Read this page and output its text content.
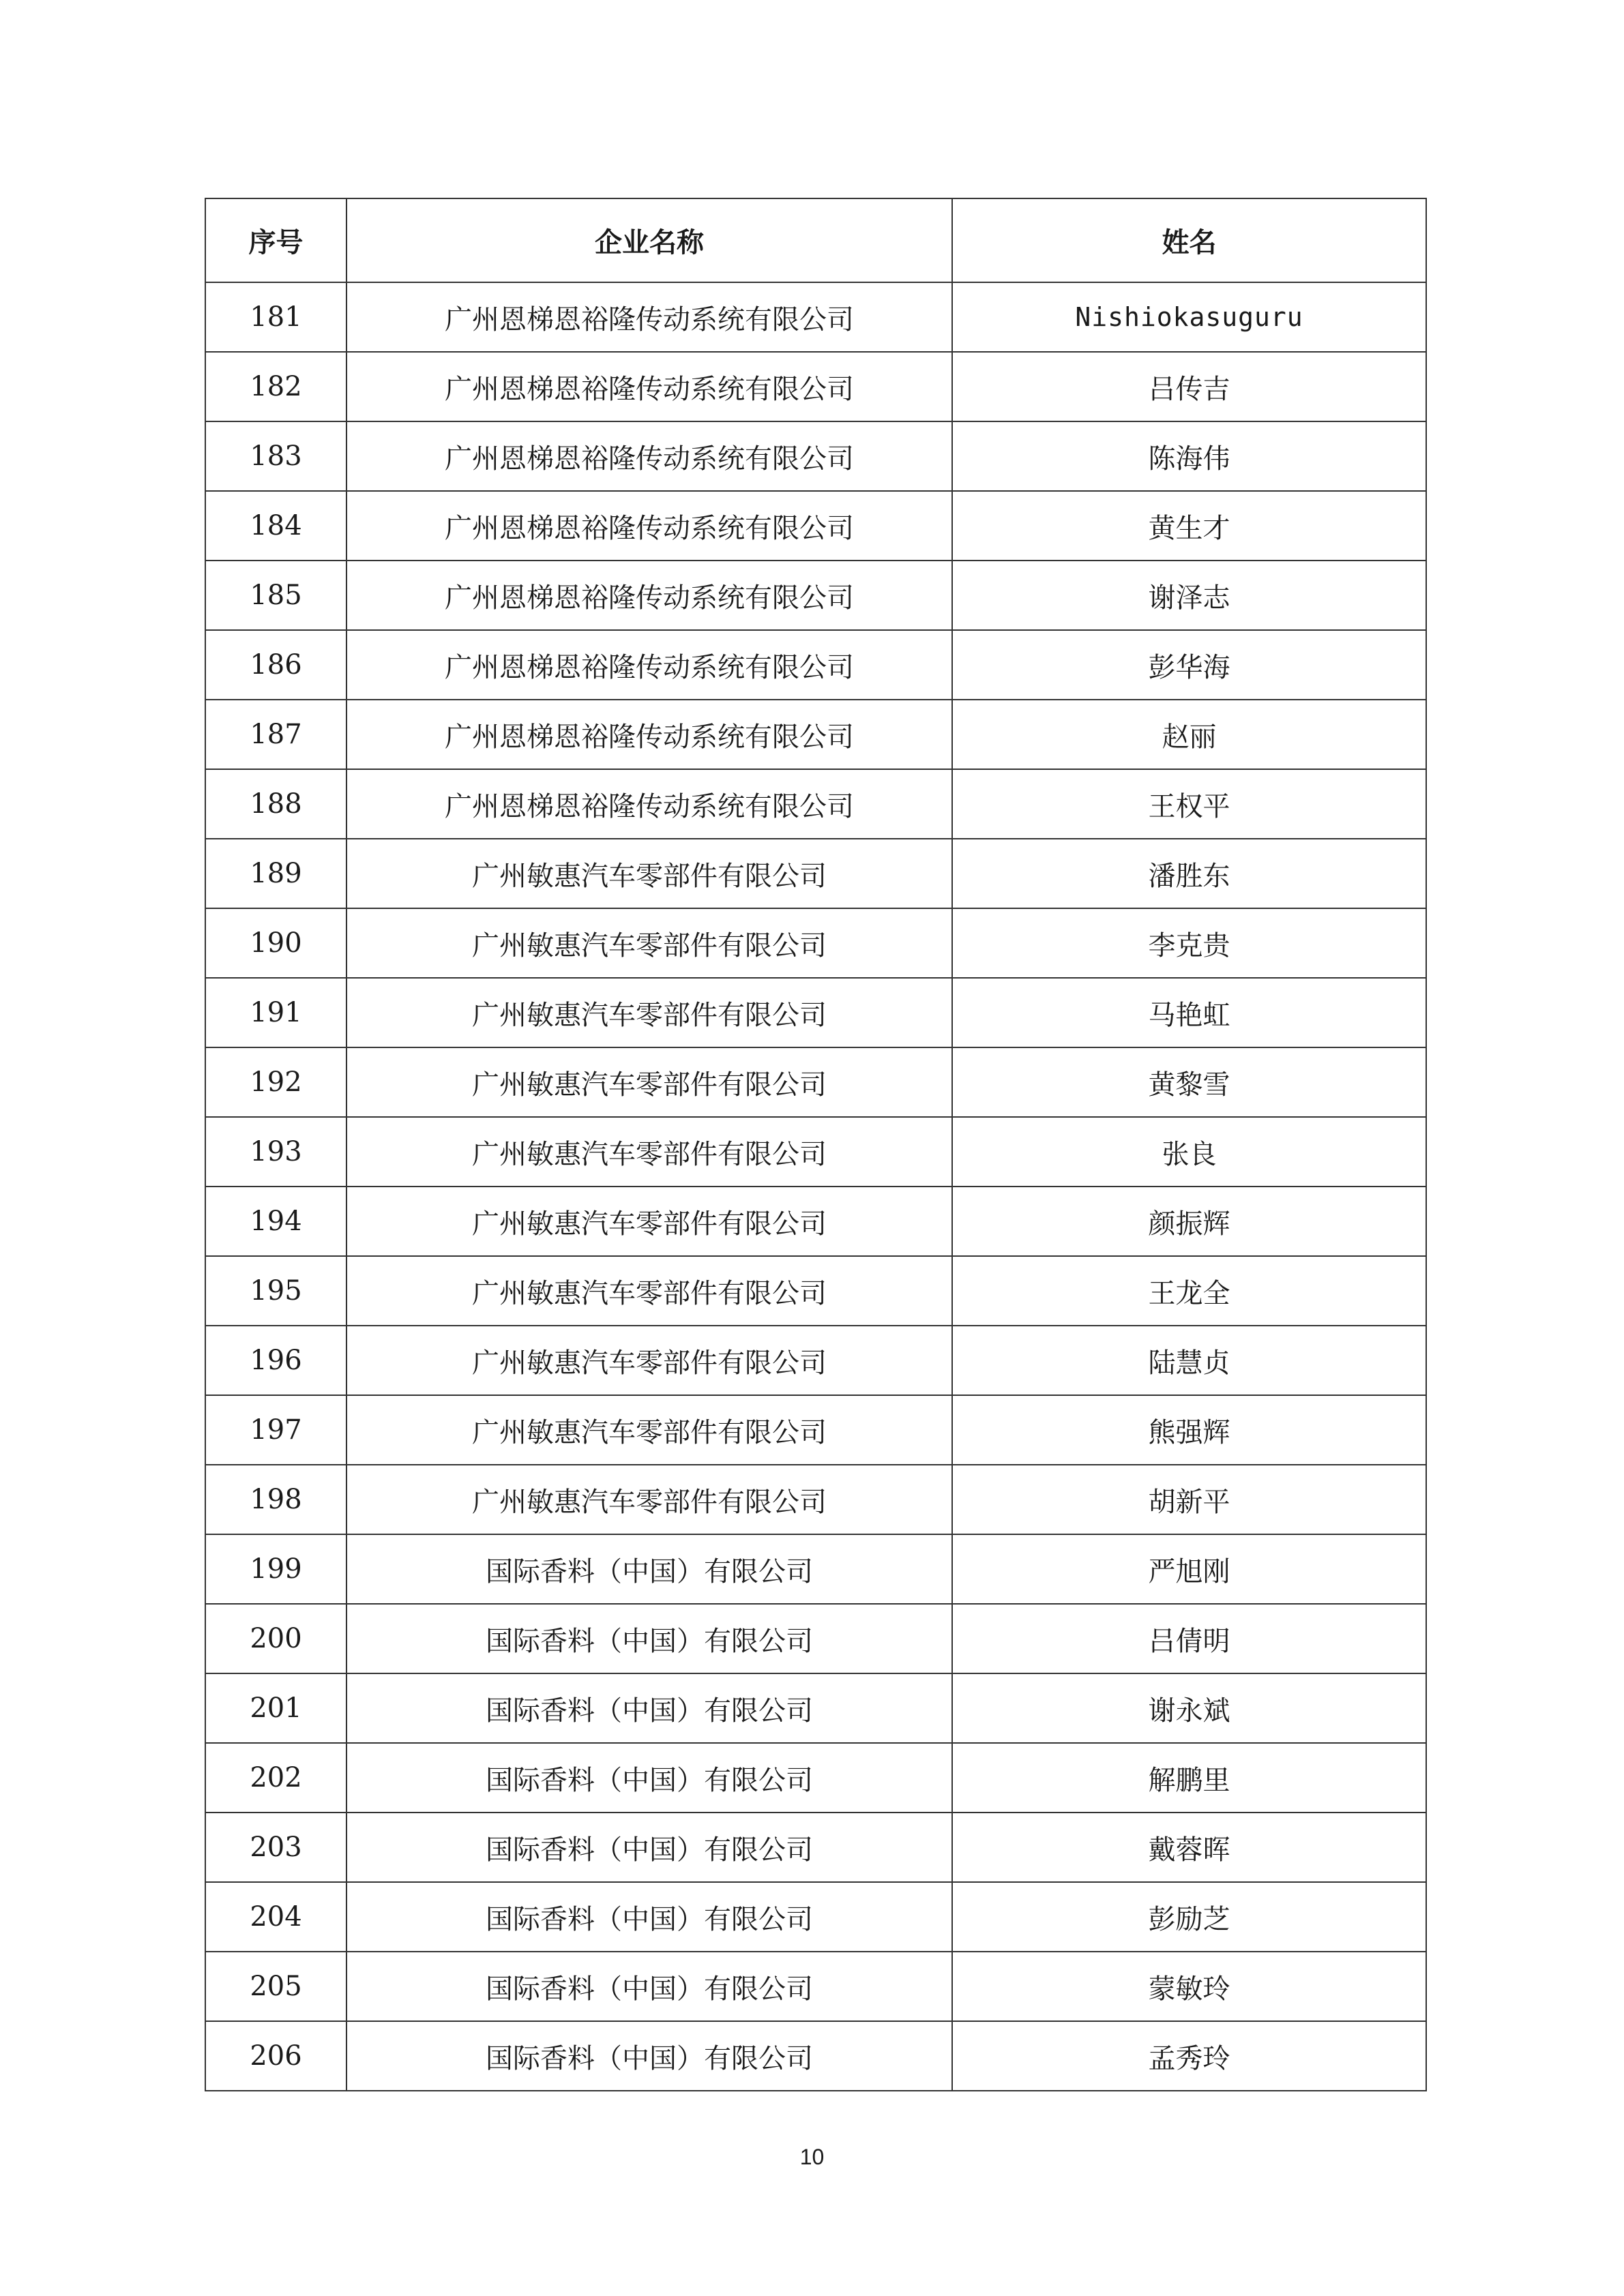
序号	企业名称	姓名
181	广州恩梯恩裕隆传动系统有限公司	Nishiokasuguru
182	广州恩梯恩裕隆传动系统有限公司	吕传吉
183	广州恩梯恩裕隆传动系统有限公司	陈海伟
184	广州恩梯恩裕隆传动系统有限公司	黄生才
185	广州恩梯恩裕隆传动系统有限公司	谢泽志
186	广州恩梯恩裕隆传动系统有限公司	彭华海
187	广州恩梯恩裕隆传动系统有限公司	赵丽
188	广州恩梯恩裕隆传动系统有限公司	王权平
189	广州敏惠汽车零部件有限公司	潘胜东
190	广州敏惠汽车零部件有限公司	李克贵
191	广州敏惠汽车零部件有限公司	马艳虹
192	广州敏惠汽车零部件有限公司	黄黎雪
193	广州敏惠汽车零部件有限公司	张良
194	广州敏惠汽车零部件有限公司	颜振辉
195	广州敏惠汽车零部件有限公司	王龙全
196	广州敏惠汽车零部件有限公司	陆慧贞
197	广州敏惠汽车零部件有限公司	熊强辉
198	广州敏惠汽车零部件有限公司	胡新平
199	国际香料（中国）有限公司	严旭刚
200	国际香料（中国）有限公司	吕倩明
201	国际香料（中国）有限公司	谢永斌
202	国际香料（中国）有限公司	解鹏里
203	国际香料（中国）有限公司	戴蓉晖
204	国际香料（中国）有限公司	彭励芝
205	国际香料（中国）有限公司	蒙敏玲
206	国际香料（中国）有限公司	孟秀玲
10
